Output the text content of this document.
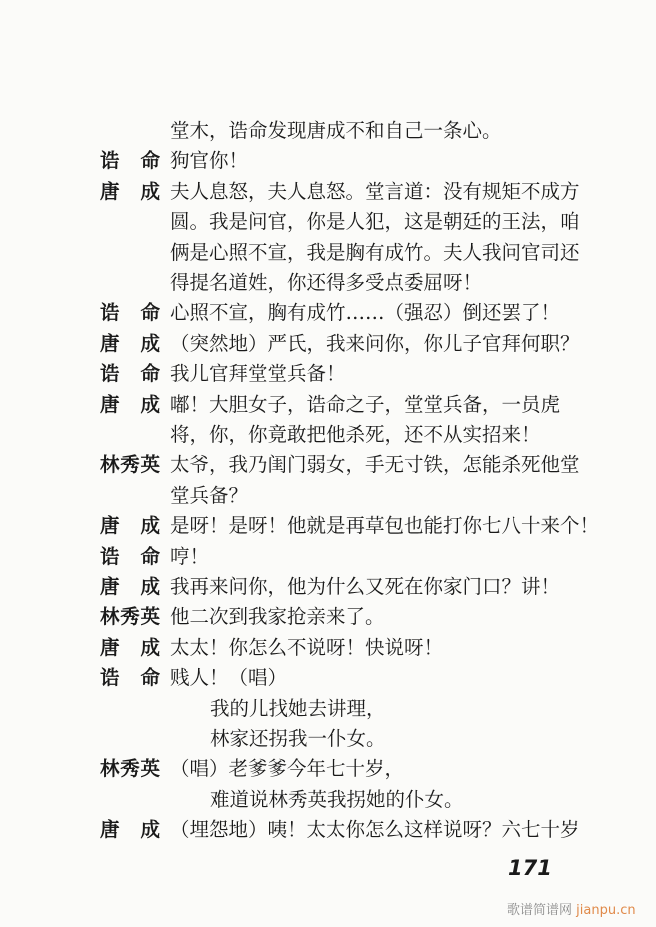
堂木，诰命发现唐成不和自己一条心。
诰命 狗官你！
唐成 夫人息怒，夫人息怒。堂言道：没有规矩不成方
圆。我是问官，你是人犯，这是朝廷的王法，咱
俩是心照不宣，我是胸有成竹。夫人我问官司还
得提名道姓，你还得多受点委屈呀！
诰命 心照不宣，胸有成竹……（强忍）倒还罢了！
唐成 （突然地）严氏，我来问你，你儿子官拜何职？
诰命 我儿官拜堂堂兵备！
唐成 嘟！大胆女子，诰命之子，堂堂兵备，一员虎
将，你，你竟敢把他杀死，还不从实招来！
林秀英 太爷，我乃闺门弱女，手无寸铁，怎能杀死他堂
堂兵备？
唐成 是呀！是呀！他就是再草包也能打你七八十来个！
诰命 哼！
唐成 我再来问你，他为什么又死在你家门口？讲！
林秀英 他二次到我家抢亲来了。
唐成 太太！你怎么不说呀！快说呀！
诰命 贱人！（唱）
我的儿找她去讲理，
林家还拐我一仆女。
林秀英 （唱）老爹爹今年七十岁，
难道说林秀英我拐她的仆女。
唐成 （埋怨地）咦！太太你怎么这样说呀？六七十岁
171
歌谱简谱网 jianpu.cn
